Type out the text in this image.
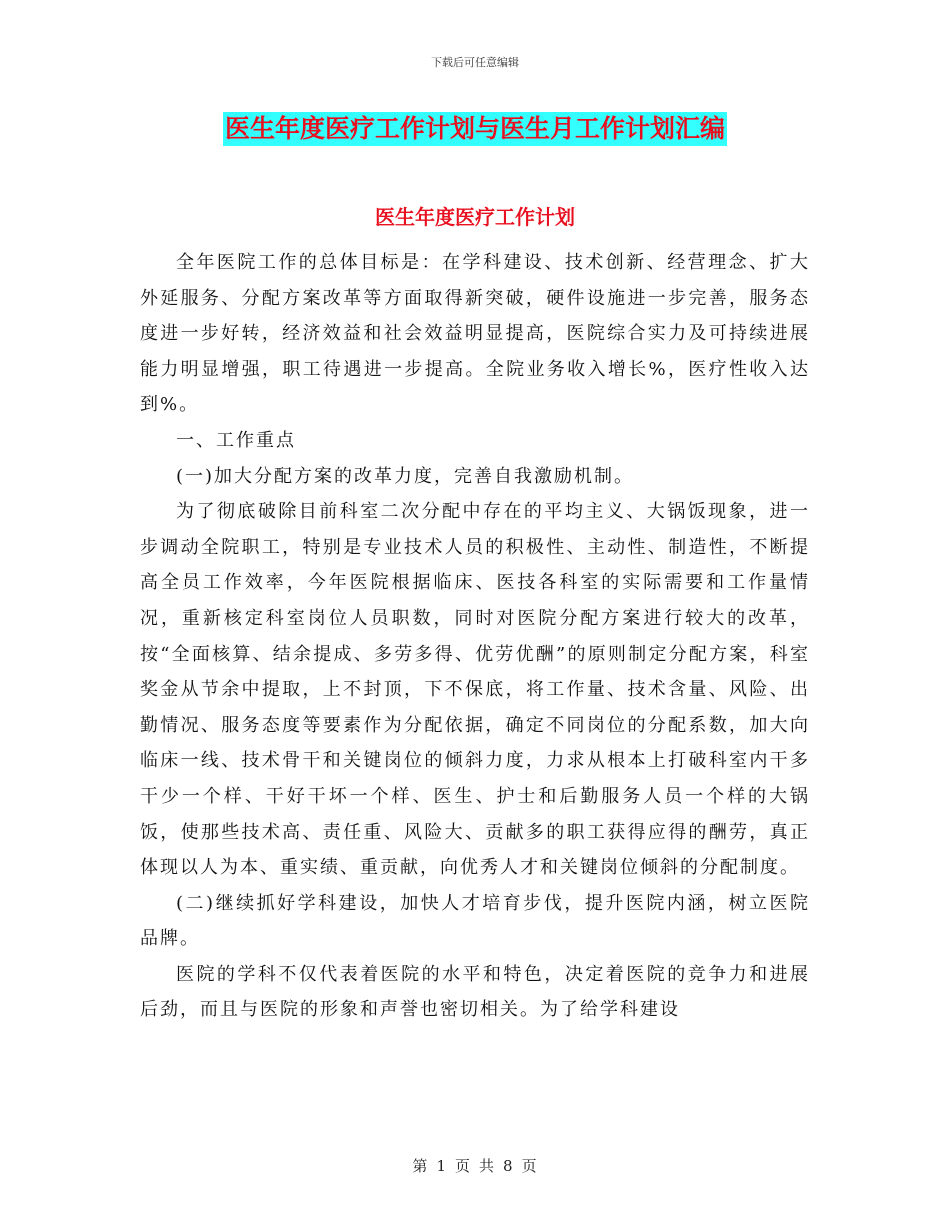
下载后可任意编辑
医生年度医疗工作计划与医生月工作计划汇编
医生年度医疗工作计划

全年医院工作的总体目标是：在学科建设、技术创新、经营理念、扩大外延服务、分配方案改革等方面取得新突破，硬件设施进一步完善，服务态度进一步好转，经济效益和社会效益明显提高，医院综合实力及可持续进展能力明显增强，职工待遇进一步提高。全院业务收入增长%，医疗性收入达到%。

一、工作重点

(一)加大分配方案的改革力度，完善自我激励机制。

为了彻底破除目前科室二次分配中存在的平均主义、大锅饭现象，进一步调动全院职工，特别是专业技术人员的积极性、主动性、制造性，不断提高全员工作效率，今年医院根据临床、医技各科室的实际需要和工作量情况，重新核定科室岗位人员职数，同时对医院分配方案进行较大的改革，按“全面核算、结余提成、多劳多得、优劳优酬”的原则制定分配方案，科室奖金从节余中提取，上不封顶，下不保底，将工作量、技术含量、风险、出勤情况、服务态度等要素作为分配依据，确定不同岗位的分配系数，加大向临床一线、技术骨干和关键岗位的倾斜力度，力求从根本上打破科室内干多干少一个样、干好干坏一个样、医生、护士和后勤服务人员一个样的大锅饭，使那些技术高、责任重、风险大、贡献多的职工获得应得的酬劳，真正体现以人为本、重实绩、重贡献，向优秀人才和关键岗位倾斜的分配制度。

(二)继续抓好学科建设，加快人才培育步伐，提升医院内涵，树立医院品牌。

医院的学科不仅代表着医院的水平和特色，决定着医院的竞争力和进展后劲，而且与医院的形象和声誉也密切相关。为了给学科建设

第 1 页 共 8 页
